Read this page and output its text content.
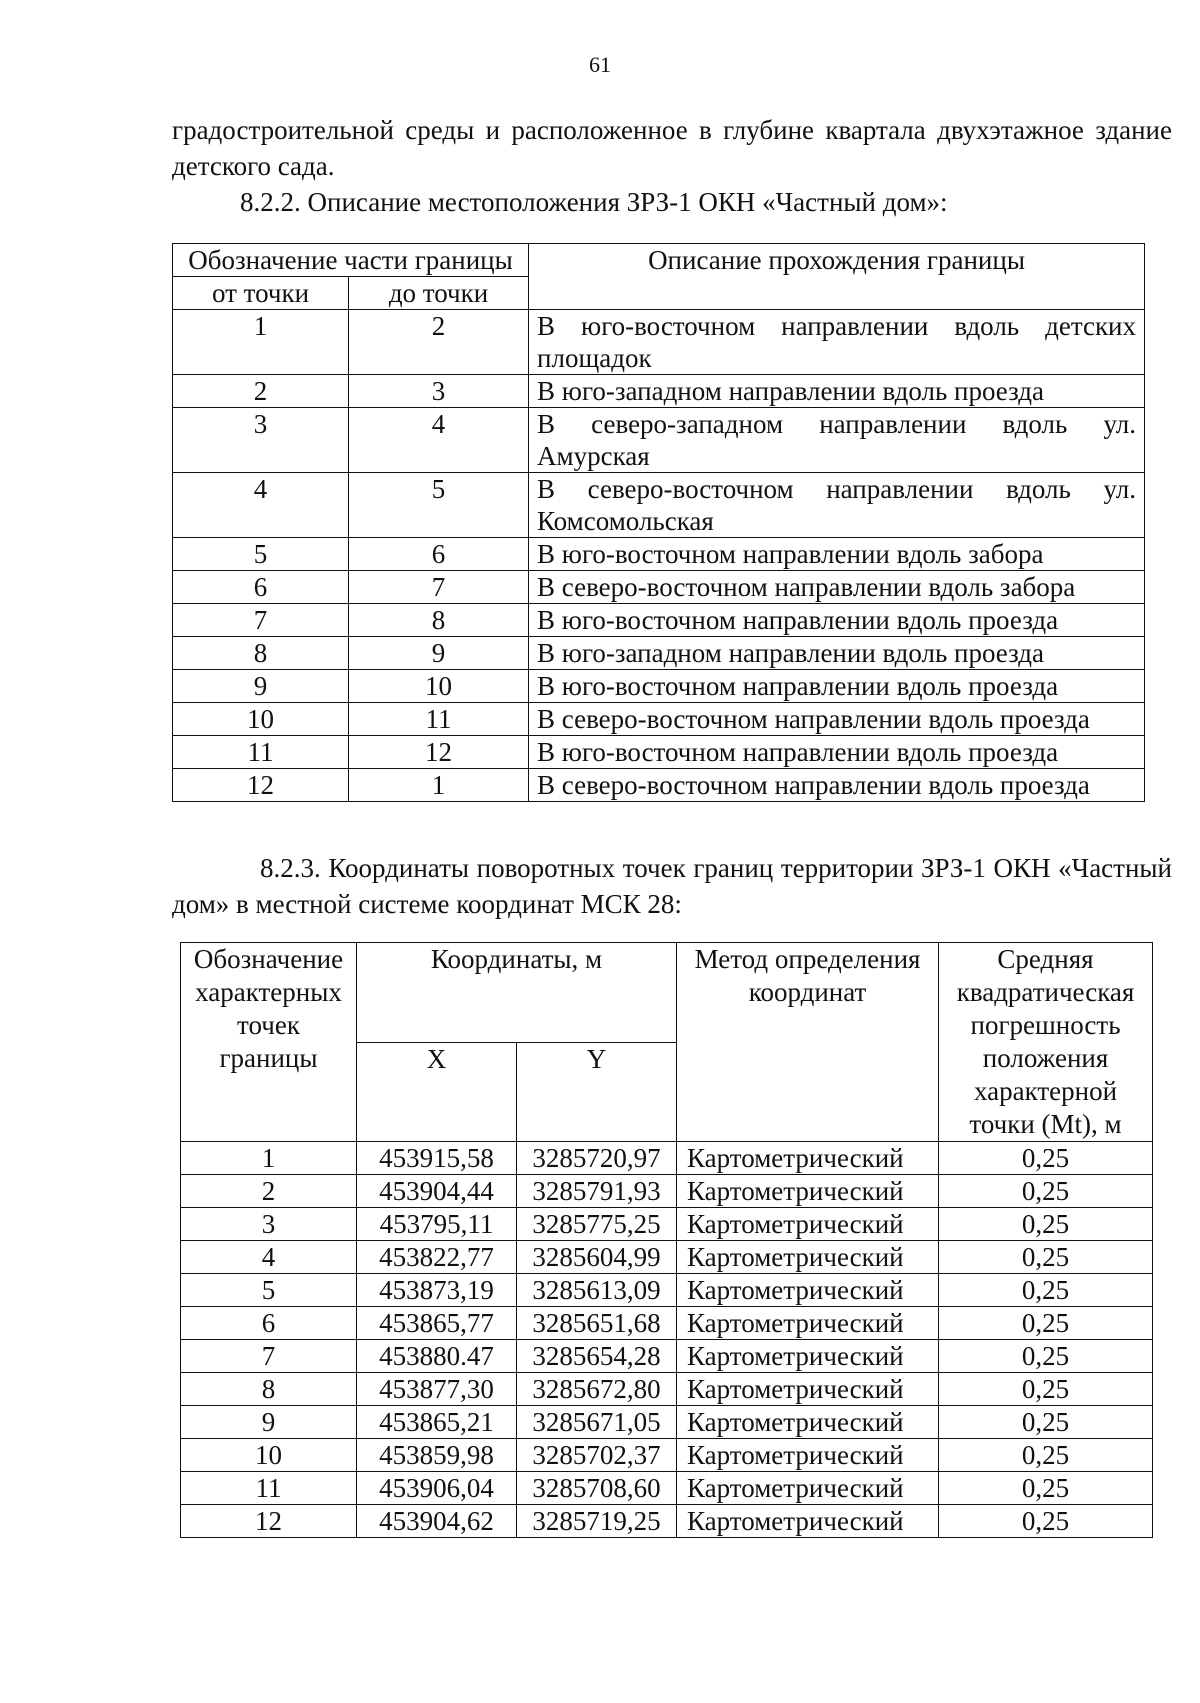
61

градостроительной среды и расположенное в глубине квартала двухэтажное здание детского сада.

8.2.2. Описание местоположения ЗРЗ-1 ОКН «Частный дом»:

Обозначение части границы		Описание прохождения границы
от точки	до точки	
1	2	В юго-восточном направлении вдоль детских площадок
2	3	В юго-западном направлении вдоль проезда
3	4	В северо-западном направлении вдоль ул. Амурская
4	5	В северо-восточном направлении вдоль ул. Комсомольская
5	6	В юго-восточном направлении вдоль забора
6	7	В северо-восточном направлении вдоль забора
7	8	В юго-восточном направлении вдоль проезда
8	9	В юго-западном направлении вдоль проезда
9	10	В юго-восточном направлении вдоль проезда
10	11	В северо-восточном направлении вдоль проезда
11	12	В юго-восточном направлении вдоль проезда
12	1	В северо-восточном направлении вдоль проезда

8.2.3. Координаты поворотных точек границ территории ЗРЗ-1 ОКН «Частный дом» в местной системе координат МСК 28:

Обозначение характерных точек границы	Координаты, м		Метод определения координат	Средняя квадратическая погрешность положения характерной точки (Mt), м
	X	Y		
1	453915,58	3285720,97	Картометрический	0,25
2	453904,44	3285791,93	Картометрический	0,25
3	453795,11	3285775,25	Картометрический	0,25
4	453822,77	3285604,99	Картометрический	0,25
5	453873,19	3285613,09	Картометрический	0,25
6	453865,77	3285651,68	Картометрический	0,25
7	453880.47	3285654,28	Картометрический	0,25
8	453877,30	3285672,80	Картометрический	0,25
9	453865,21	3285671,05	Картометрический	0,25
10	453859,98	3285702,37	Картометрический	0,25
11	453906,04	3285708,60	Картометрический	0,25
12	453904,62	3285719,25	Картометрический	0,25
